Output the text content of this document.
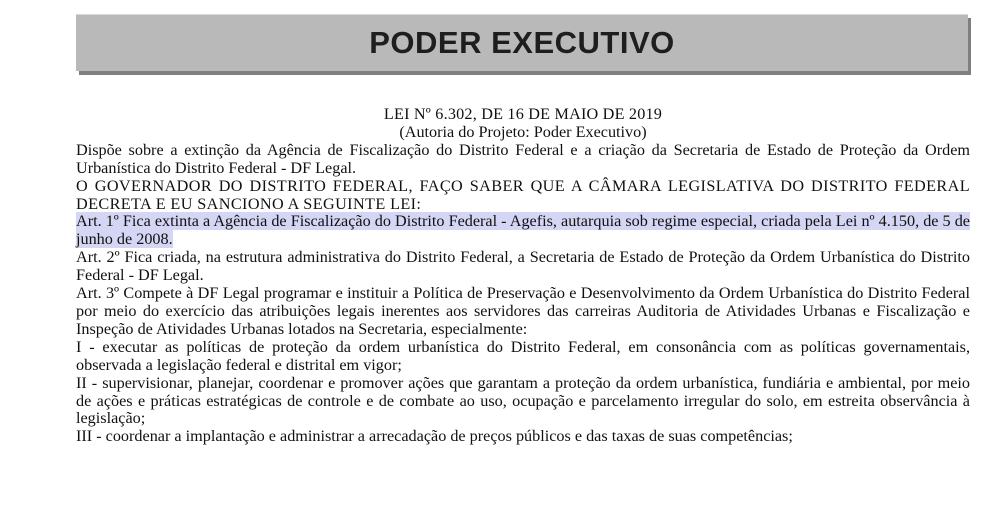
PODER EXECUTIVO
LEI Nº 6.302, DE 16 DE MAIO DE 2019
(Autoria do Projeto: Poder Executivo)
Dispõe sobre a extinção da Agência de Fiscalização do Distrito Federal e a criação da Secretaria de Estado de Proteção da Ordem Urbanística do Distrito Federal - DF Legal.
O GOVERNADOR DO DISTRITO FEDERAL, FAÇO SABER QUE A CÂMARA LEGISLATIVA DO DISTRITO FEDERAL DECRETA E EU SANCIONO A SEGUINTE LEI:
Art. 1º Fica extinta a Agência de Fiscalização do Distrito Federal - Agefis, autarquia sob regime especial, criada pela Lei nº 4.150, de 5 de junho de 2008.
Art. 2º Fica criada, na estrutura administrativa do Distrito Federal, a Secretaria de Estado de Proteção da Ordem Urbanística do Distrito Federal - DF Legal.
Art. 3º Compete à DF Legal programar e instituir a Política de Preservação e Desenvolvimento da Ordem Urbanística do Distrito Federal por meio do exercício das atribuições legais inerentes aos servidores das carreiras Auditoria de Atividades Urbanas e Fiscalização e Inspeção de Atividades Urbanas lotados na Secretaria, especialmente:
I - executar as políticas de proteção da ordem urbanística do Distrito Federal, em consonância com as políticas governamentais, observada a legislação federal e distrital em vigor;
II - supervisionar, planejar, coordenar e promover ações que garantam a proteção da ordem urbanística, fundiária e ambiental, por meio de ações e práticas estratégicas de controle e de combate ao uso, ocupação e parcelamento irregular do solo, em estreita observância à legislação;
III - coordenar a implantação e administrar a arrecadação de preços públicos e das taxas de suas competências;
